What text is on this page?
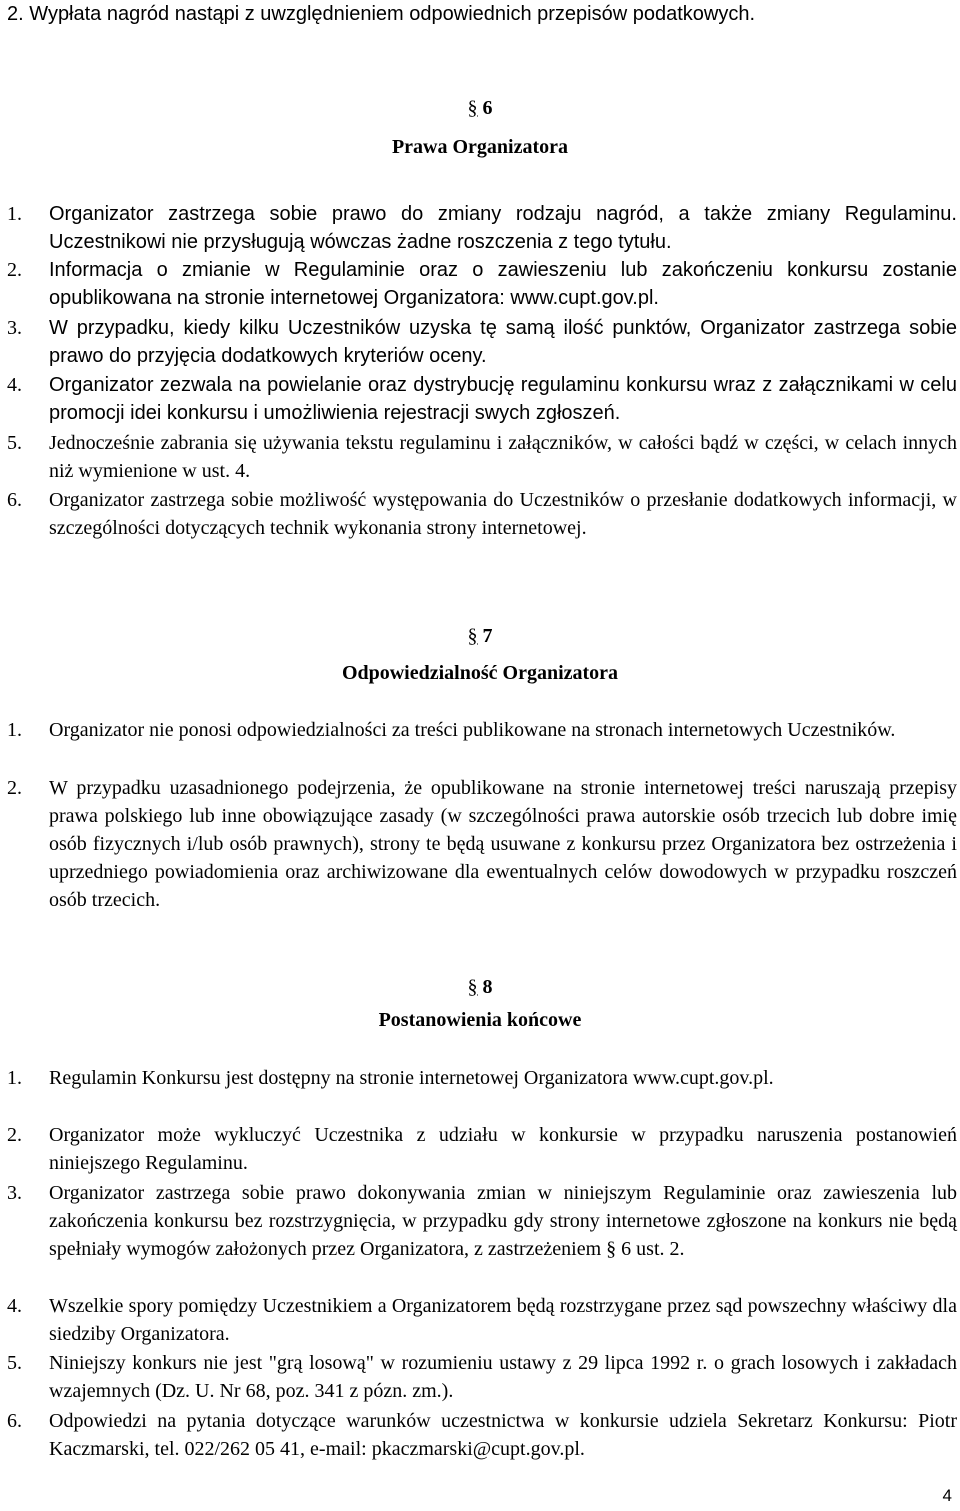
2. Wypłata nagród nastąpi z uwzględnieniem odpowiednich przepisów podatkowych.
§ 6
Prawa Organizatora
1. Organizator zastrzega sobie prawo do zmiany rodzaju nagród, a także zmiany Regulaminu. Uczestnikowi nie przysługują wówczas żadne roszczenia z tego tytułu.
2. Informacja o zmianie w Regulaminie oraz o zawieszeniu lub zakończeniu konkursu zostanie opublikowana na stronie internetowej Organizatora: www.cupt.gov.pl.
3. W przypadku, kiedy kilku Uczestników uzyska tę samą ilość punktów, Organizator zastrzega sobie prawo do przyjęcia dodatkowych kryteriów oceny.
4. Organizator zezwala na powielanie oraz dystrybucję regulaminu konkursu wraz z załącznikami w celu promocji idei konkursu i umożliwienia rejestracji swych zgłoszeń.
5. Jednocześnie zabrania się używania tekstu regulaminu i załączników, w całości bądź w części, w celach innych niż wymienione w ust. 4.
6. Organizator zastrzega sobie możliwość występowania do Uczestników o przesłanie dodatkowych informacji, w szczególności dotyczących technik wykonania strony internetowej.
§ 7
Odpowiedzialność Organizatora
1. Organizator nie ponosi odpowiedzialności za treści publikowane na stronach internetowych Uczestników.
2. W przypadku uzasadnionego podejrzenia, że opublikowane na stronie internetowej treści naruszają przepisy prawa polskiego lub inne obowiązujące zasady (w szczególności prawa autorskie osób trzecich lub dobre imię osób fizycznych i/lub osób prawnych), strony te będą usuwane z konkursu przez Organizatora bez ostrzeżenia i uprzedniego powiadomienia oraz archiwizowane dla ewentualnych celów dowodowych w przypadku roszczeń osób trzecich.
§ 8
Postanowienia końcowe
1. Regulamin Konkursu jest dostępny na stronie internetowej Organizatora www.cupt.gov.pl.
2. Organizator może wykluczyć Uczestnika z udziału w konkursie w przypadku naruszenia postanowień niniejszego Regulaminu.
3. Organizator zastrzega sobie prawo dokonywania zmian w niniejszym Regulaminie oraz zawieszenia lub zakończenia konkursu bez rozstrzygnięcia, w przypadku gdy strony internetowe zgłoszone na konkurs nie będą spełniały wymogów założonych przez Organizatora, z zastrzeżeniem § 6 ust. 2.
4. Wszelkie spory pomiędzy Uczestnikiem a Organizatorem będą rozstrzygane przez sąd powszechny właściwy dla siedziby Organizatora.
5. Niniejszy konkurs nie jest "grą losową" w rozumieniu ustawy z 29 lipca 1992 r. o grach losowych i zakładach wzajemnych (Dz. U. Nr 68, poz. 341 z pózn. zm.).
6. Odpowiedzi na pytania dotyczące warunków uczestnictwa w konkursie udziela Sekretarz Konkursu: Piotr Kaczmarski, tel. 022/262 05 41, e-mail: pkaczmarski@cupt.gov.pl.
4
